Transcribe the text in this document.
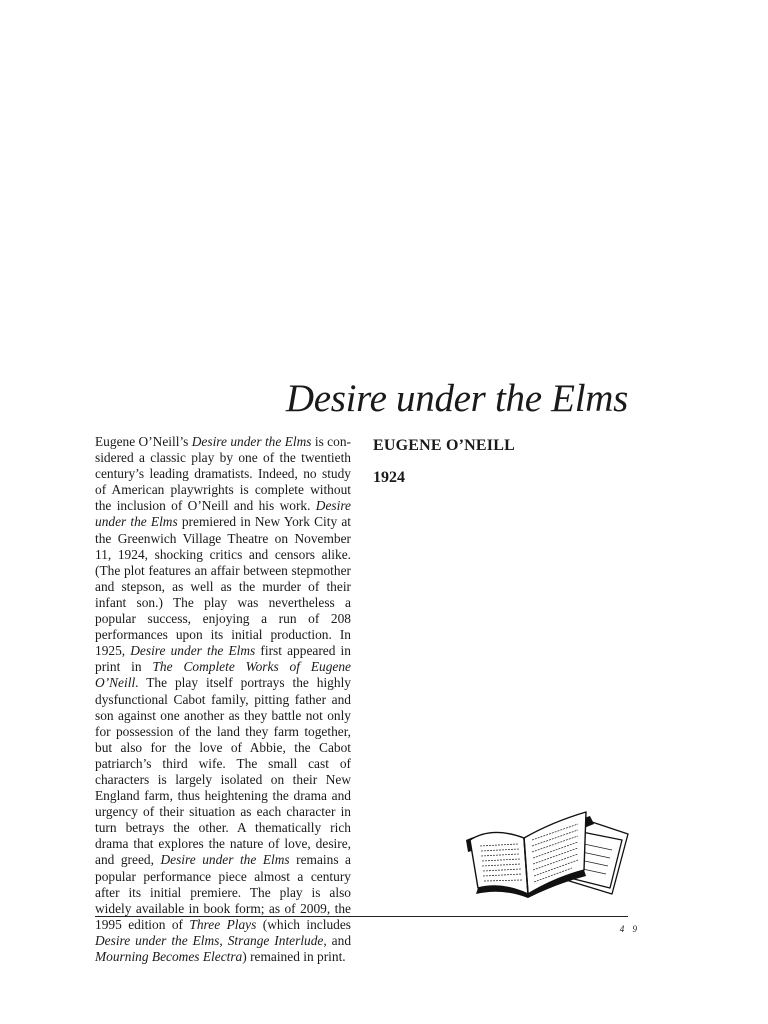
Desire under the Elms

Eugene O’Neill’s Desire under the Elms is considered a classic play by one of the twentieth century’s leading dramatists. Indeed, no study of American playwrights is complete without the inclusion of O’Neill and his work. Desire under the Elms premiered in New York City at the Greenwich Village Theatre on November 11, 1924, shocking critics and censors alike. (The plot features an affair between stepmother and stepson, as well as the murder of their infant son.) The play was nevertheless a popular success, enjoying a run of 208 performances upon its initial production. In 1925, Desire under the Elms first appeared in print in The Complete Works of Eugene O’Neill. The play itself portrays the highly dysfunctional Cabot family, pitting father and son against one another as they battle not only for possession of the land they farm together, but also for the love of Abbie, the Cabot patriarch’s third wife. The small cast of characters is largely isolated on their New England farm, thus heightening the drama and urgency of their situation as each character in turn betrays the other. A thematically rich drama that explores the nature of love, desire, and greed, Desire under the Elms remains a popular performance piece almost a century after its initial premiere. The play is also widely available in book form; as of 2009, the 1995 edition of Three Plays (which includes Desire under the Elms, Strange Interlude, and Mourning Becomes Electra) remained in print.

EUGENE O’NEILL
1924
4 9
